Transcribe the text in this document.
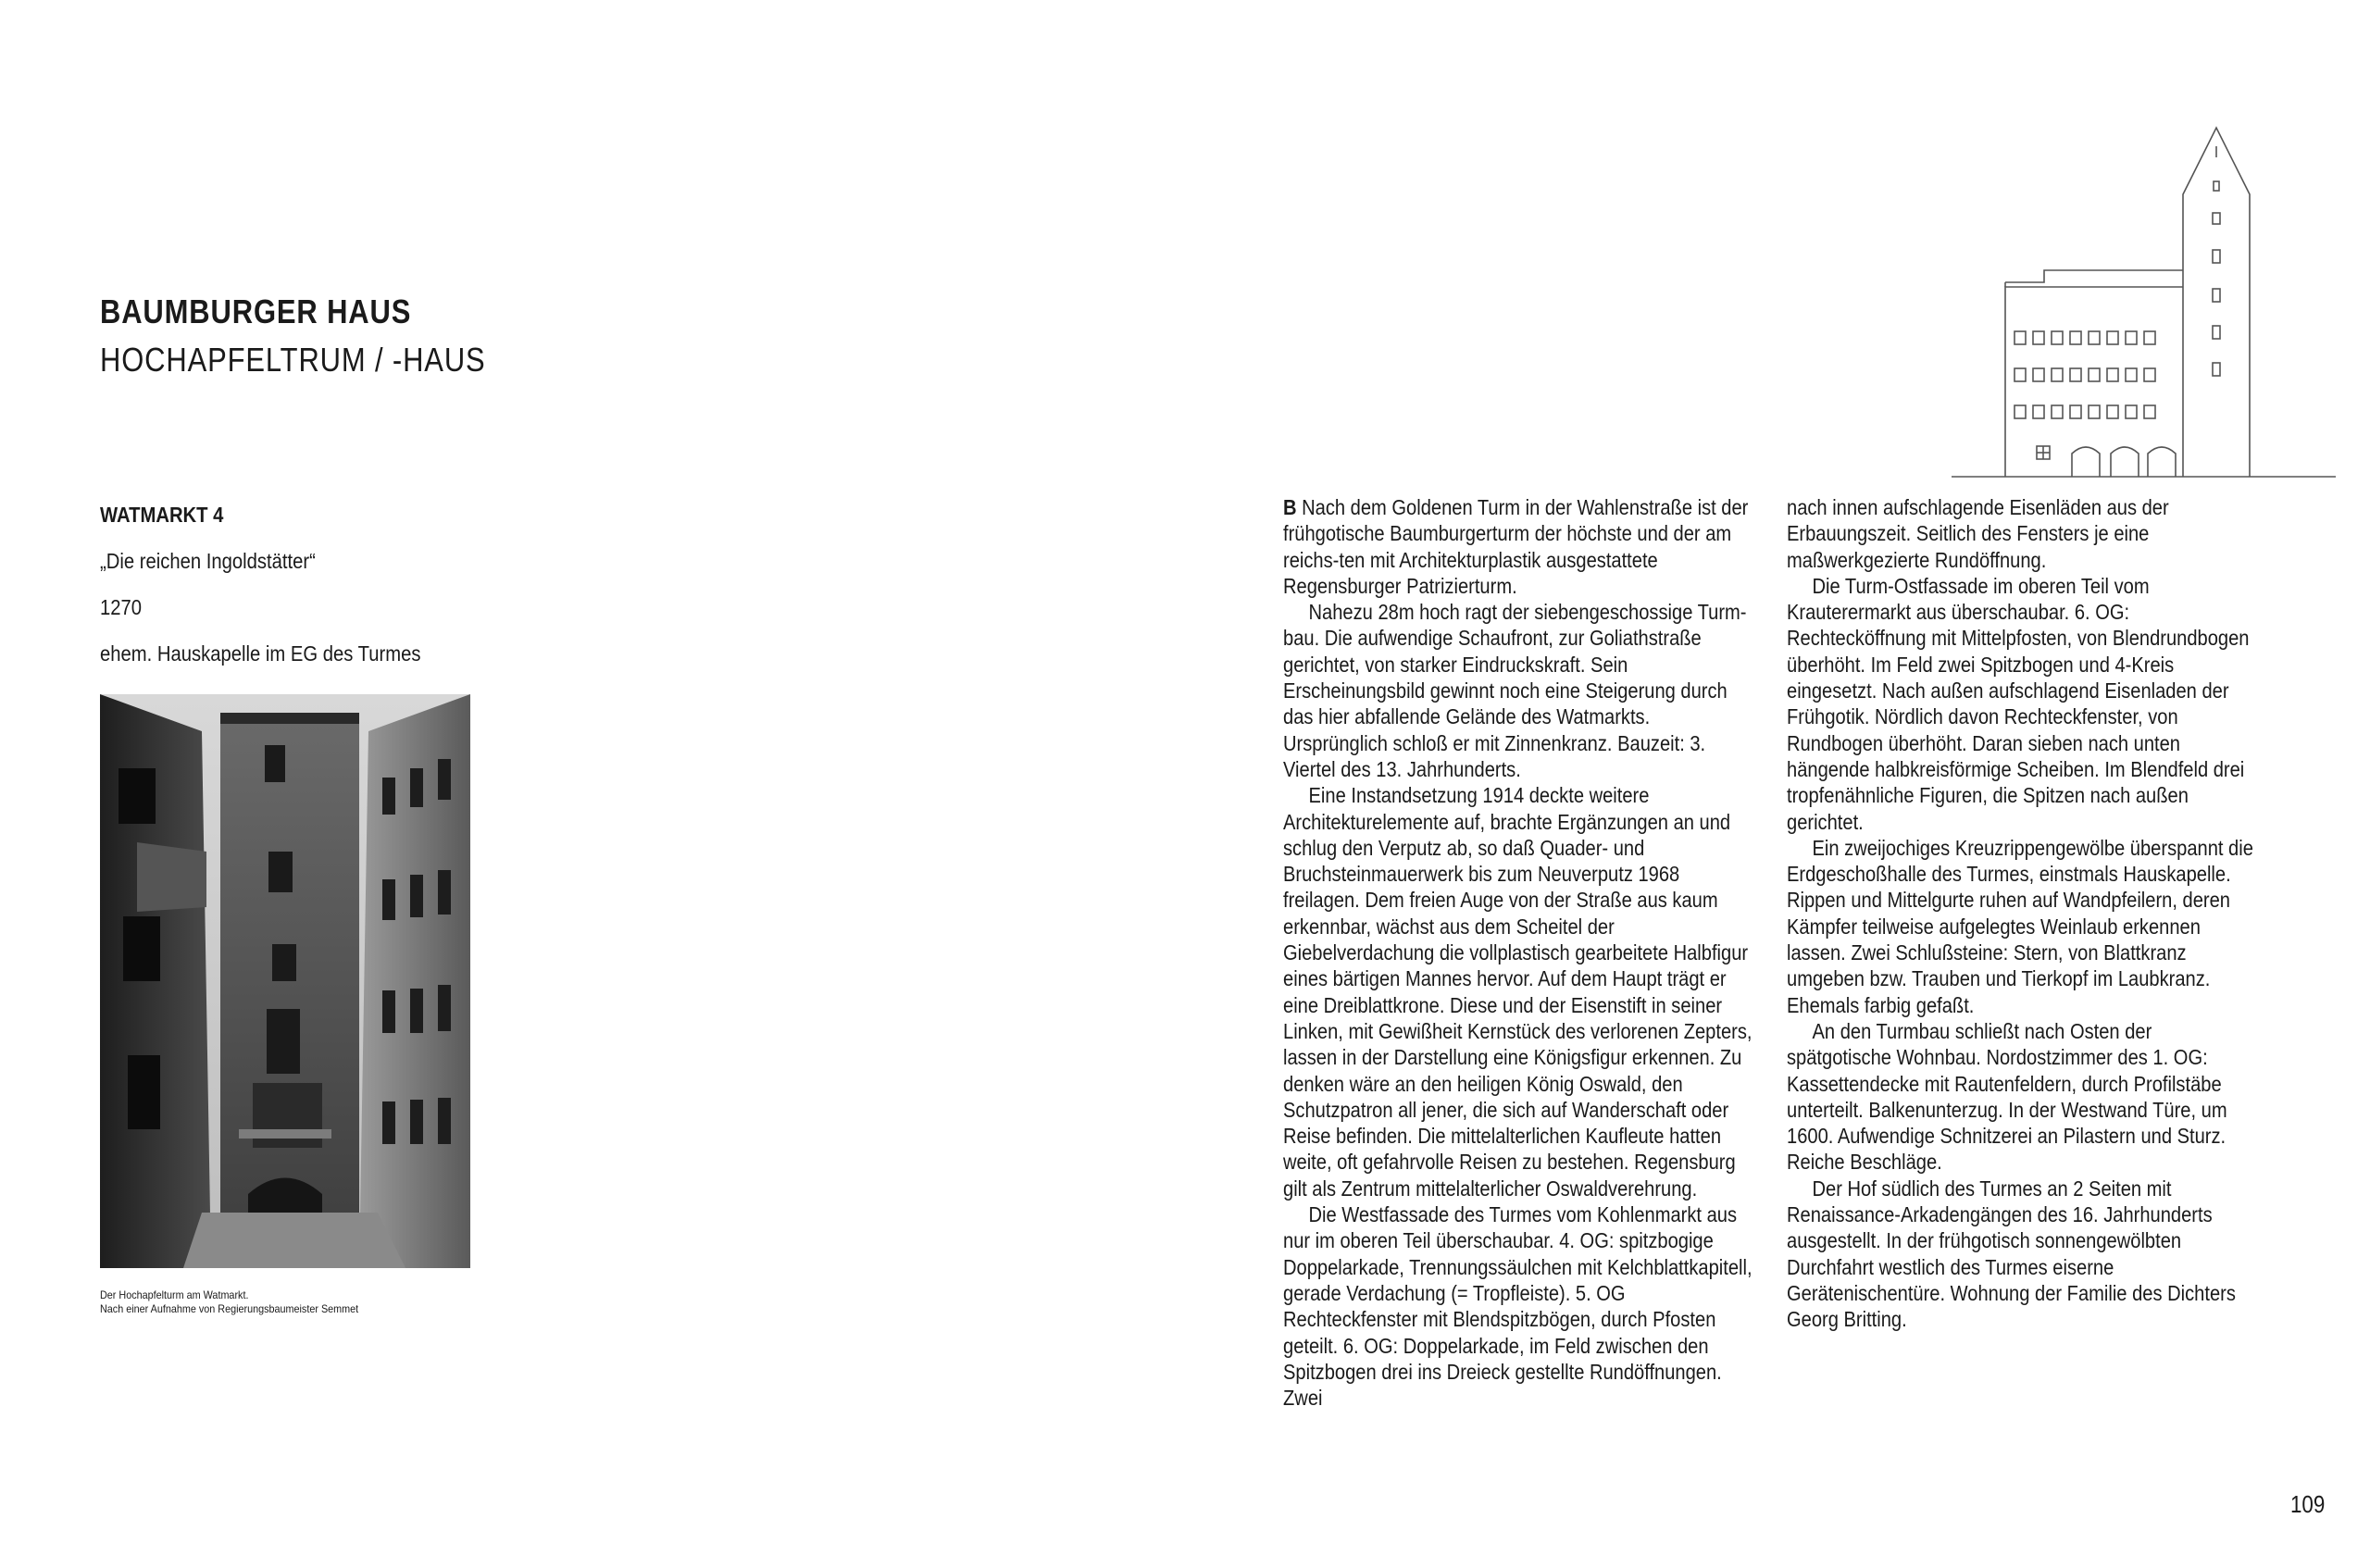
BAUMBURGER HAUS
HOCHAPFELTRUM / -HAUS
WATMARKT 4
„Die reichen Ingoldstätter“
1270
ehem. Hauskapelle im EG des Turmes
Der Hochapfelturm am Watmarkt.
Nach einer Aufnahme von Regierungsbaumeister Semmet

B Nach dem Goldenen Turm in der Wahlenstraße ist der frühgotische Baumburgerturm der höchste und der am reichs-ten mit Architekturplastik ausgestattete Regensburger Patrizierturm.

Nahezu 28m hoch ragt der siebengeschossige Turm-bau. Die aufwendige Schaufront, zur Goliathstraße gerichtet, von starker Eindruckskraft. Sein Erscheinungsbild gewinnt noch eine Steigerung durch das hier abfallende Gelände des Watmarkts. Ursprünglich schloß er mit Zinnenkranz. Bauzeit: 3. Viertel des 13. Jahrhunderts.

Eine Instandsetzung 1914 deckte weitere Architekturelemente auf, brachte Ergänzungen an und schlug den Verputz ab, so daß Quader- und Bruchsteinmauerwerk bis zum Neuverputz 1968 freilagen. Dem freien Auge von der Straße aus kaum erkennbar, wächst aus dem Scheitel der Giebelverdachung die vollplastisch gearbeitete Halbfigur eines bärtigen Mannes hervor. Auf dem Haupt trägt er eine Dreiblattkrone. Diese und der Eisenstift in seiner Linken, mit Gewißheit Kernstück des verlorenen Zepters, lassen in der Darstellung eine Königsfigur erkennen. Zu denken wäre an den heiligen König Oswald, den Schutzpatron all jener, die sich auf Wanderschaft oder Reise befinden. Die mittelalterlichen Kaufleute hatten weite, oft gefahrvolle Reisen zu bestehen. Regensburg gilt als Zentrum mittelalterlicher Oswaldverehrung.

Die Westfassade des Turmes vom Kohlenmarkt aus nur im oberen Teil überschaubar. 4. OG: spitzbogige Doppelarkade, Trennungssäulchen mit Kelchblattkapitell, gerade Verdachung (= Tropfleiste). 5. OG Rechteckfenster mit Blendspitzbögen, durch Pfosten geteilt. 6. OG: Doppelarkade, im Feld zwischen den Spitzbogen drei ins Dreieck gestellte Rundöffnungen. Zwei

nach innen aufschlagende Eisenläden aus der Erbauungszeit. Seitlich des Fensters je eine maßwerkgezierte Rundöffnung.

Die Turm-Ostfassade im oberen Teil vom Krauterermarkt aus überschaubar. 6. OG: Rechtecköffnung mit Mittelpfosten, von Blendrundbogen überhöht. Im Feld zwei Spitzbogen und 4-Kreis eingesetzt. Nach außen aufschlagend Eisenladen der Frühgotik. Nördlich davon Rechteckfenster, von Rundbogen überhöht. Daran sieben nach unten hängende halbkreisförmige Scheiben. Im Blendfeld drei tropfenähnliche Figuren, die Spitzen nach außen gerichtet.

Ein zweijochiges Kreuzrippengewölbe überspannt die Erdgeschoßhalle des Turmes, einstmals Hauskapelle. Rippen und Mittelgurte ruhen auf Wandpfeilern, deren Kämpfer teilweise aufgelegtes Weinlaub erkennen lassen. Zwei Schlußsteine: Stern, von Blattkranz umgeben bzw. Trauben und Tierkopf im Laubkranz. Ehemals farbig gefaßt.

An den Turmbau schließt nach Osten der spätgotische Wohnbau. Nordostzimmer des 1. OG: Kassettendecke mit Rautenfeldern, durch Profilstäbe unterteilt. Balkenunterzug. In der Westwand Türe, um 1600. Aufwendige Schnitzerei an Pilastern und Sturz. Reiche Beschläge.

Der Hof südlich des Turmes an 2 Seiten mit Renaissance-Arkadengängen des 16. Jahrhunderts ausgestellt. In der frühgotisch sonnengewölbten Durchfahrt westlich des Turmes eiserne Gerätenischentüre. Wohnung der Familie des Dichters Georg Britting.

109
